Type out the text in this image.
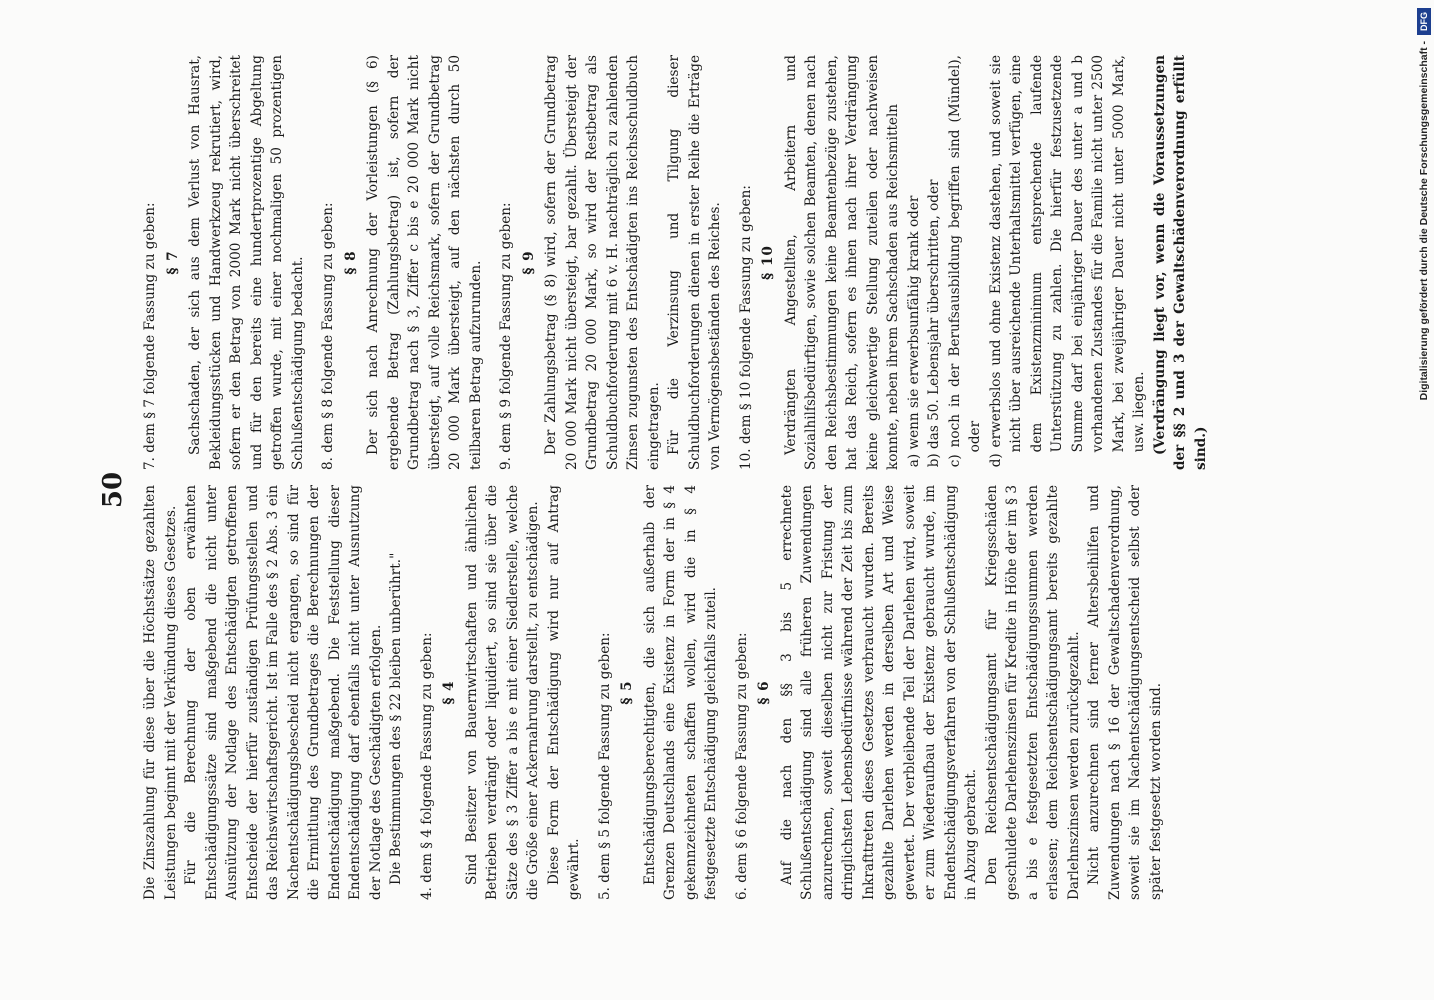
50 Die Zinszahlung für diese über die Höchstsätze gezahlten Leistungen beginnt mit der Verkündung dieses Gesetzes. Für die Berechnung der oben erwähnten Entschädigungssätze sind maßgebend die nicht unter Ausnützung der Notlage des Entschädigten getroffenen Entscheide der hierfür zuständigen Prüfungsstellen und das Reichswirtschaftsgericht. Ist im Falle des § 2 Abs. 3 ein Nachentschädigungsbescheid nicht ergangen, so sind für die Ermittlung des Grundbetrages die Berechnungen der Endentschädigung maßgebend. Die Feststellung dieser Endentschädigung darf ebenfalls nicht unter Ausnutzung der Notlage des Geschädigten erfolgen. Die Bestimmungen des § 22 bleiben unberührt." 4. dem § 4 folgende Fassung zu geben: § 4 Sind Besitzer von Bauernwirtschaften und ähnlichen Betrieben verdrängt oder liquidiert, so sind sie über die Sätze des § 3 Ziffer a bis e mit einer Siedlerstelle, welche die Größe einer Ackernahrung darstellt, zu entschädigen. Diese Form der Entschädigung wird nur auf Antrag gewährt. 5. dem § 5 folgende Fassung zu geben: § 5 Entschädigungsberechtigten, die sich außerhalb der Grenzen Deutschlands eine Existenz in Form der in § 4 gekennzeichneten schaffen wollen, wird die in § 4 festgesetzte Entschädigung gleichfalls zuteil. 6. dem § 6 folgende Fassung zu geben: § 6 Auf die nach den §§ 3 bis 5 errechnete Schlußentschädigung sind alle früheren Zuwendungen anzurechnen, soweit dieselben nicht zur Fristung der dringlichsten Lebensbedürfnisse während der Zeit bis zum Inkrafttreten dieses Gesetzes verbraucht wurden. Bereits gezahlte Darlehen werden in derselben Art und Weise gewertet. Der verbleibende Teil der Darlehen wird, soweit er zum Wiederaufbau der Existenz gebraucht wurde, im Endentschädigungsverfahren von der Schlußentschädigung in Abzug gebracht. Den Reichsentschädigungsamt für Kriegsschäden geschuldete Darlehenszinsen für Kredite in Höhe der im § 3 a bis e festgesetzten Entschädigungssummen werden erlassen; dem Reichsentschädigungsamt bereits gezahlte Darlehnszinsen werden zurückgezahlt. Nicht anzurechnen sind ferner Altersbeihilfen und Zuwendungen nach § 16 der Gewaltschadenverordnung, soweit sie im Nachentschädigungsentscheid selbst oder später festgesetzt worden sind.

7. dem § 7 folgende Fassung zu geben: § 7 Sachschaden, der sich aus dem Verlust von Hausrat, Bekleidungsstücken und Handwerkzeug rekrutiert, wird, sofern er den Betrag von 2000 Mark nicht überschreitet und für den bereits eine hundertprozentige Abgeltung getroffen wurde, mit einer nochmaligen 50 prozentigen Schlußentschädigung bedacht. 8. dem § 8 folgende Fassung zu geben: § 8 Der sich nach Anrechnung der Vorleistungen (§ 6) ergebende Betrag (Zahlungsbetrag) ist, sofern der Grundbetrag nach § 3, Ziffer c bis e 20 000 Mark nicht übersteigt, auf volle Reichsmark, sofern der Grundbetrag 20 000 Mark übersteigt, auf den nächsten durch 50 teilbaren Betrag aufzurunden. 9. dem § 9 folgende Fassung zu geben: § 9 Der Zahlungsbetrag (§ 8) wird, sofern der Grundbetrag 20 000 Mark nicht übersteigt, bar gezahlt. Übersteigt der Grundbetrag 20 000 Mark, so wird der Restbetrag als Schuldbuchforderung mit 6 v. H. nachträglich zu zahlenden Zinsen zugunsten des Entschädigten ins Reichsschuldbuch eingetragen. Für die Verzinsung und Tilgung dieser Schuldbuchforderungen dienen in erster Reihe die Erträge von Vermögensbeständen des Reiches. 10. dem § 10 folgende Fassung zu geben: § 10 Verdrängten Angestellten, Arbeitern und Sozialhilfsbedürftigen, sowie solchen Beamten, denen nach den Reichsbestimmungen keine Beamtenbezüge zustehen, hat das Reich, sofern es ihnen nach ihrer Verdrängung keine gleichwertige Stellung zuteilen oder nachweisen konnte, neben ihrem Sachschaden aus Reichsmitteln a) wenn sie erwerbsunfähig krank oder b) das 50. Lebensjahr überschritten, oder c) noch in der Berufsausbildung begriffen sind (Mündel), oder d) erwerbslos und ohne Existenz dastehen, und soweit sie nicht über ausreichende Unterhaltsmittel verfügen, eine dem Existenzminimum entsprechende laufende Unterstützung zu zahlen. Die hierfür festzusetzende Summe darf bei einjähriger Dauer des unter a und b vorhandenen Zustandes für die Familie nicht unter 2500 Mark, bei zweijähriger Dauer nicht unter 5000 Mark, usw. liegen. (Verdrängung liegt vor, wenn die Voraussetzungen der §§ 2 und 3 der Gewaltschädenverordnung erfüllt sind.)

Digitalisierung gefördert durch die Deutsche Forschungsgemeinschaft -
DFG
